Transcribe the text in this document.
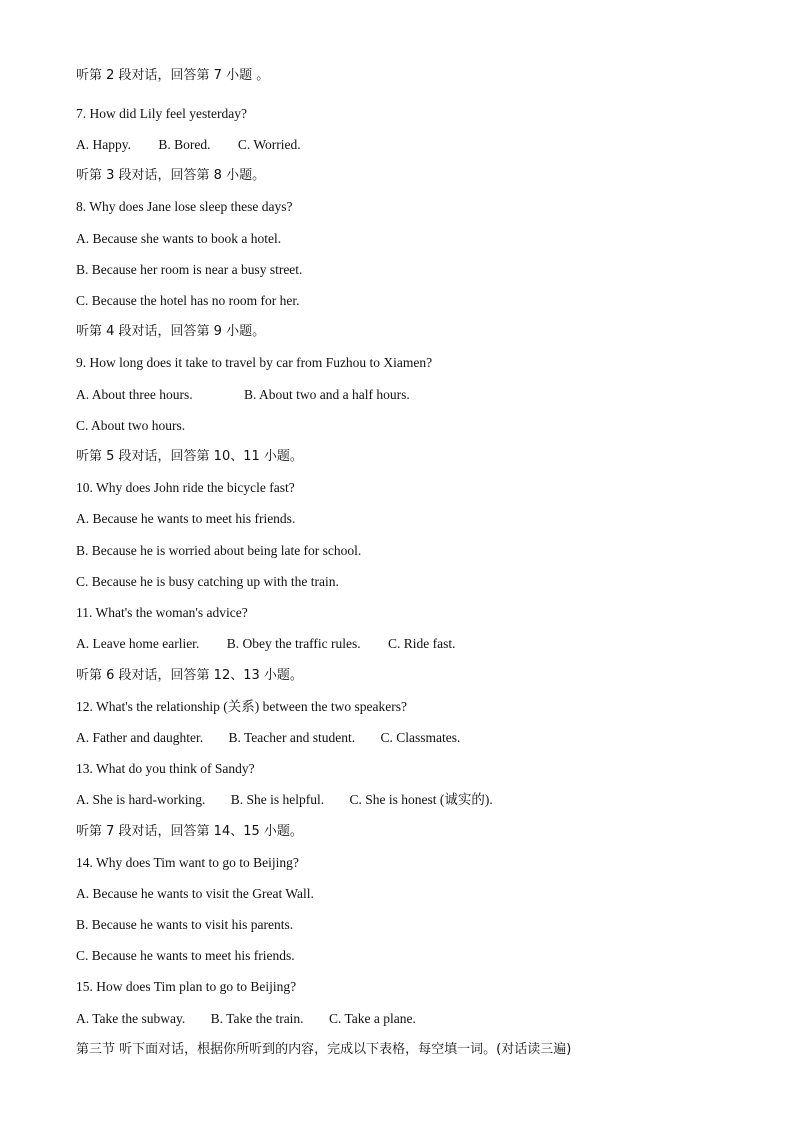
听第 2 段对话，回答第 7 小题 。
7. How did Lily feel yesterday?
A. Happy. B. Bored. C. Worried.
听第 3 段对话，回答第 8 小题。
8. Why does Jane lose sleep these days?
A. Because she wants to book a hotel.
B. Because her room is near a busy street.
C. Because the hotel has no room for her.
听第 4 段对话，回答第 9 小题。
9. How long does it take to travel by car from Fuzhou to Xiamen?
A. About three hours.	B. About two and a half hours.
C. About two hours.
听第 5 段对话，回答第 10、11 小题。
10. Why does John ride the bicycle fast?
A. Because he wants to meet his friends.
B. Because he is worried about being late for school.
C. Because he is busy catching up with the train.
11. What's the woman's advice?
A. Leave home earlier. B. Obey the traffic rules. C. Ride fast.
听第 6 段对话，回答第 12、13 小题。
12. What's the relationship (关系) between the two speakers?
A. Father and daughter. B. Teacher and student. C. Classmates.
13. What do you think of Sandy?
A. She is hard-working. B. She is helpful. C. She is honest (诚实的).
听第 7 段对话，回答第 14、15 小题。
14. Why does Tim want to go to Beijing?
A. Because he wants to visit the Great Wall.
B. Because he wants to visit his parents.
C. Because he wants to meet his friends.
15. How does Tim plan to go to Beijing?
A. Take the subway. B. Take the train. C. Take a plane.
第三节 听下面对话，根据你所听到的内容，完成以下表格，每空填一词。(对话读三遍)
